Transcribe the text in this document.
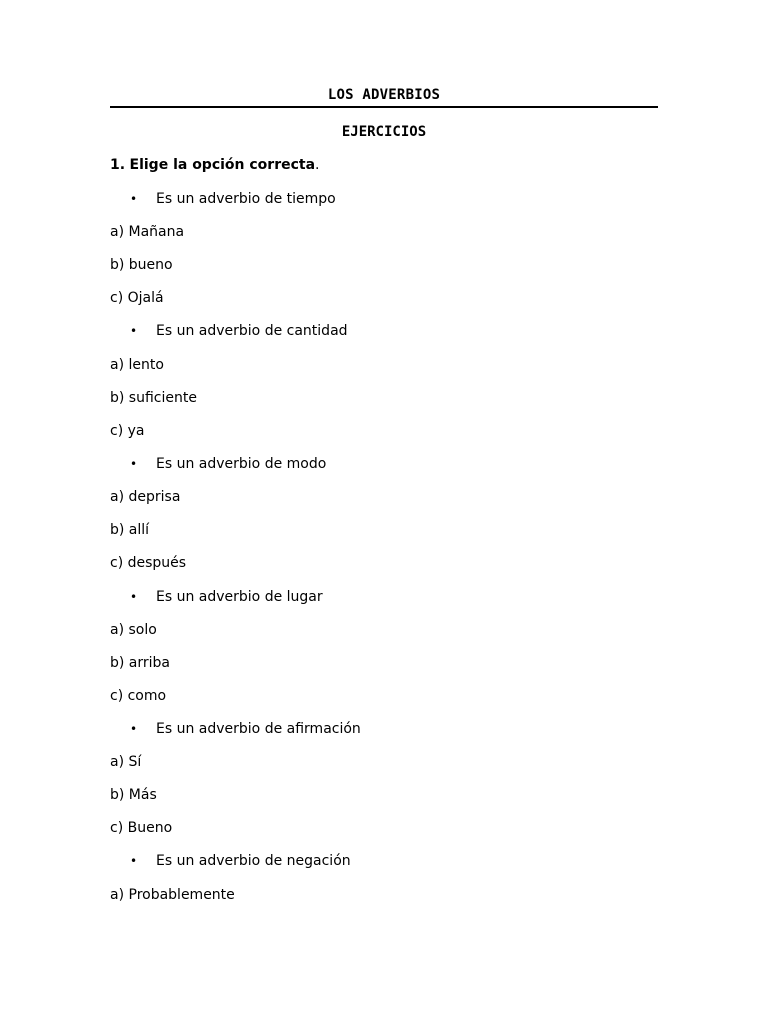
LOS ADVERBIOS
EJERCICIOS
1. Elige la opción correcta.
• Es un adverbio de tiempo
a) Mañana
b) bueno
c) Ojalá
• Es un adverbio de cantidad
a) lento
b) suficiente
c) ya
• Es un adverbio de modo
a) deprisa
b) allí
c) después
• Es un adverbio de lugar
a) solo
b) arriba
c) como
• Es un adverbio de afirmación
a) Sí
b) Más
c) Bueno
• Es un adverbio de negación
a) Probablemente
